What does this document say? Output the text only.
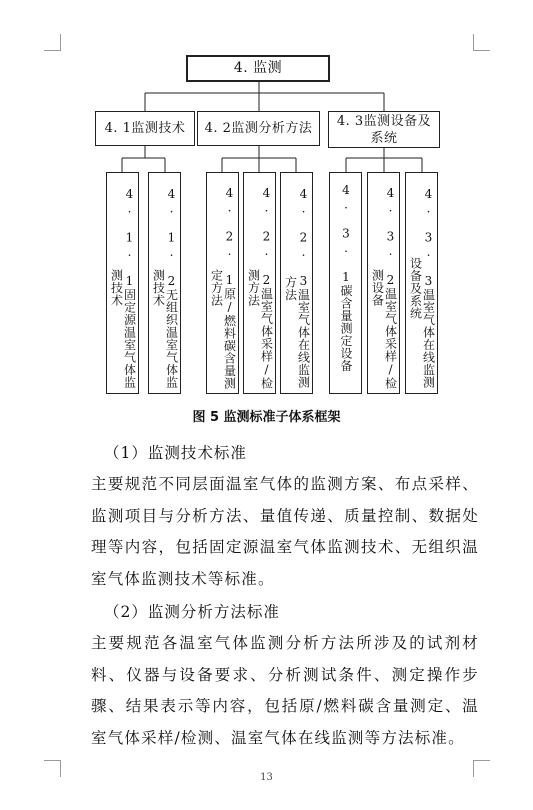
4. 监测
4. 1监测技术	4. 2监测分析方法	4. 3监测设备及系统
4. 1. 1固定源温室气体监测技术	4. 1. 2无组织温室气体监测技术	4. 2. 1原/燃料碳含量测定方法	4. 2. 2温室气体采样/检测方法	4. 2. 3温室气体在线监测方法	4. 3. 1碳含量测定设备	4. 3. 2温室气体采样/检测设备	4. 3. 3温室气体在线监测设备及系统
图 5 监测标准子体系框架
（1）监测技术标准

主要规范不同层面温室气体的监测方案、布点采样、监测项目与分析方法、量值传递、质量控制、数据处理等内容，包括固定源温室气体监测技术、无组织温室气体监测技术等标准。

（2）监测分析方法标准

主要规范各温室气体监测分析方法所涉及的试剂材料、仪器与设备要求、分析测试条件、测定操作步骤、结果表示等内容，包括原/燃料碳含量测定、温室气体采样/检测、温室气体在线监测等方法标准。

13
